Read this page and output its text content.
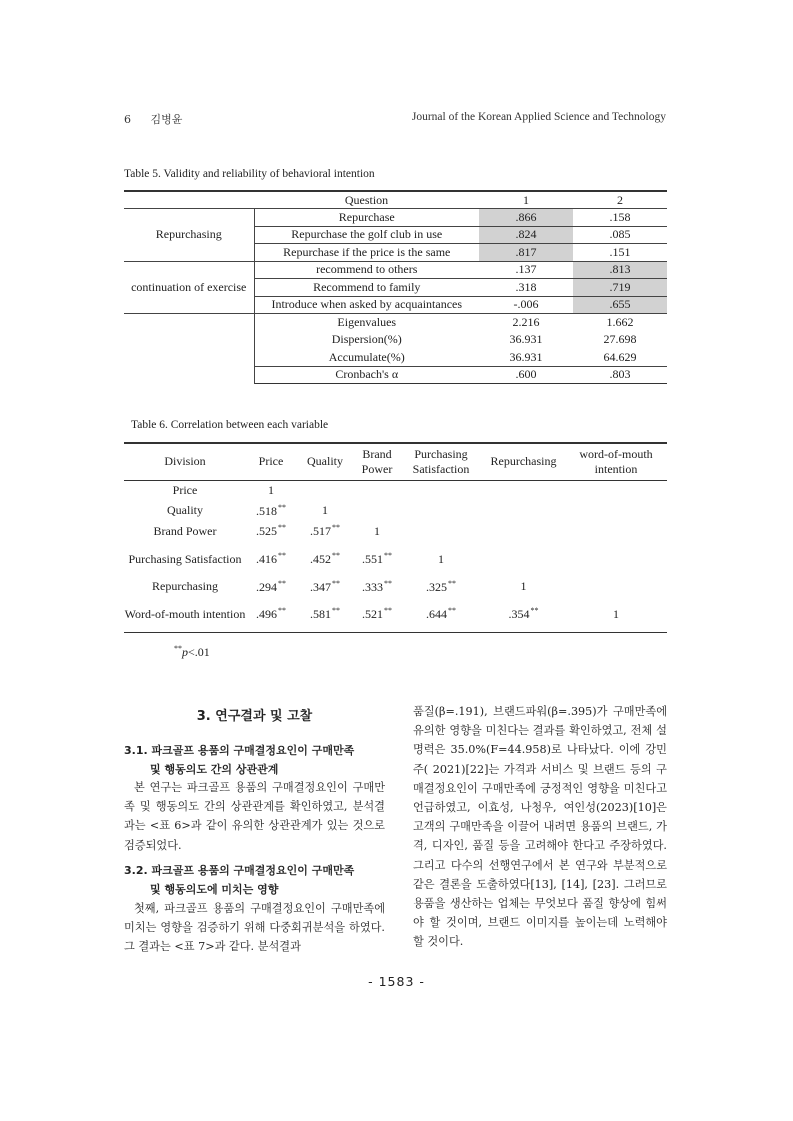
6 김병윤	Journal of the Korean Applied Science and Technology
Table 5. Validity and reliability of behavioral intention
	Question	1	2
Repurchasing	Repurchase	.866	.158
	Repurchase the golf club in use	.824	.085
	Repurchase if the price is the same	.817	.151
continuation of exercise	recommend to others	.137	.813
	Recommend to family	.318	.719
	Introduce when asked by acquaintances	-.006	.655
	Eigenvalues	2.216	1.662
	Dispersion(%)	36.931	27.698
	Accumulate(%)	36.931	64.629
	Cronbach's α	.600	.803
Table 6. Correlation between each variable
Division	Price	Quality	Brand Power	Purchasing Satisfaction	Repurchasing	word-of-mouth intention
Price	1					
Quality	.518**	1				
Brand Power	.525**	.517**	1			
Purchasing Satisfaction	.416**	.452**	.551**	1		
Repurchasing	.294**	.347**	.333**	.325**	1	
Word-of-mouth intention	.496**	.581**	.521**	.644**	.354**	1
**p<.01
3. 연구결과 및 고찰
3.1. 파크골프 용품의 구매결정요인이 구매만족
및 행동의도 간의 상관관계
본 연구는 파크골프 용품의 구매결정요인이 구매만족 및 행동의도 간의 상관관계를 확인하였고, 분석결과는 <표 6>과 같이 유의한 상관관계가 있는 것으로 검증되었다.
3.2. 파크골프 용품의 구매결정요인이 구매만족
및 행동의도에 미치는 영향
첫째, 파크골프 용품의 구매결정요인이 구매만족에 미치는 영향을 검증하기 위해 다중회귀분석을 하였다. 그 결과는 <표 7>과 같다. 분석결과
품질(β=.191), 브랜드파워(β=.395)가 구매만족에 유의한 영향을 미친다는 결과를 확인하였고, 전체 설명력은 35.0%(F=44.958)로 나타났다. 이에 강민주( 2021)[22]는 가격과 서비스 및 브랜드 등의 구매결정요인이 구매만족에 긍정적인 영향을 미친다고 언급하였고, 이효성, 나청우, 여인성(2023)[10]은 고객의 구매만족을 이끌어 내려면 용품의 브랜드, 가격, 디자인, 품질 등을 고려해야 한다고 주장하였다. 그리고 다수의 선행연구에서 본 연구와 부분적으로 같은 결론을 도출하였다[13], [14], [23]. 그러므로 용품을 생산하는 업체는 무엇보다 품질 향상에 힘써야 할 것이며, 브랜드 이미지를 높이는데 노력해야 할 것이다.
- 1583 -
